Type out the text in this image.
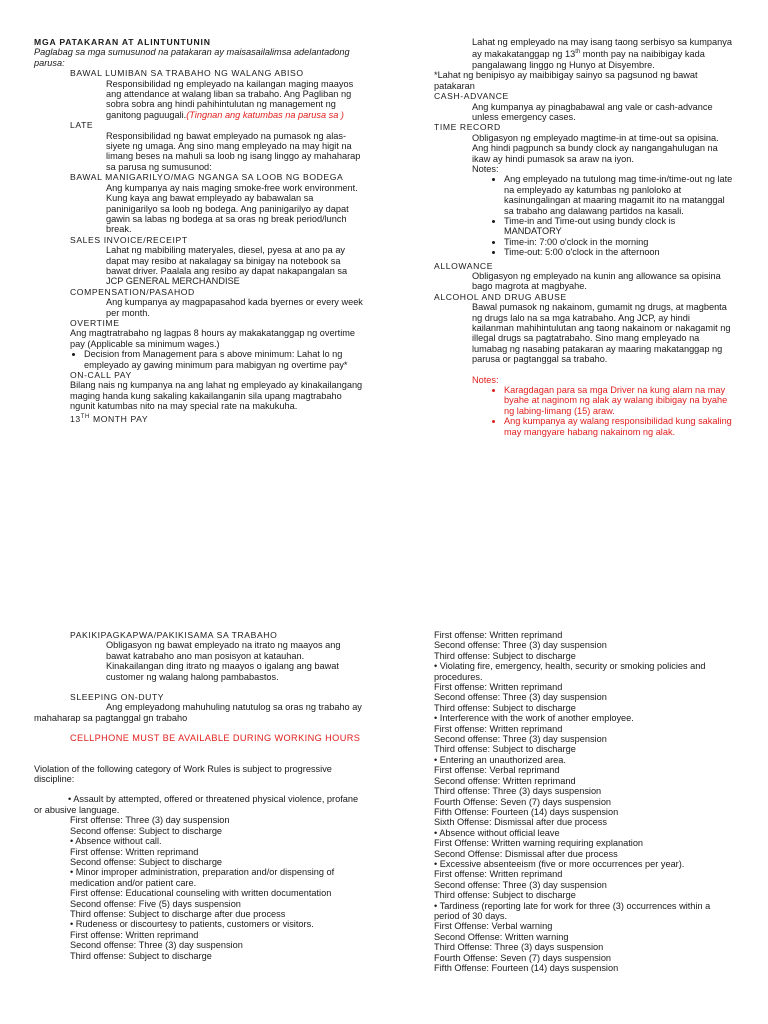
MGA PATAKARAN AT ALINTUNTUNIN

Paglabag sa mga sumusunod na patakaran ay maisasailalimsa adelantadong parusa:

BAWAL LUMIBAN SA TRABAHO NG WALANG ABISO

Responsibilidad ng empleyado na kailangan maging maayos ang attendance at walang liban sa trabaho. Ang Pagliban ng sobra sobra ang hindi pahihintulutan ng management ng ganitong paguugali.(Tingnan ang katumbas na parusa sa )

LATE

Responsibilidad ng bawat empleyado na pumasok ng alas-siyete ng umaga. Ang sino mang empleyado na may higit na limang beses na mahuli sa loob ng isang linggo ay mahaharap sa parusa ng sumusunod:

BAWAL MANIGARILYO/MAG NGANGA SA LOOB NG BODEGA

Ang kumpanya ay nais maging smoke-free work environment. Kung kaya ang bawat empleyado ay babawalan sa paninigarilyo sa loob ng bodega. Ang paninigarilyo ay dapat gawin sa labas ng bodega at sa oras ng break period/lunch break.

SALES INVOICE/RECEIPT

Lahat ng mabibiling materyales, diesel, pyesa at ano pa ay dapat may resibo at nakalagay sa binigay na notebook sa bawat driver. Paalala ang resibo ay dapat nakapangalan sa JCP GENERAL MERCHANDISE

COMPENSATION/PASAHOD

Ang kumpanya ay magpapasahod kada byernes or every week per month.

OVERTIME

Ang magtratrabaho ng lagpas 8 hours ay makakatanggap ng overtime pay (Applicable sa minimum wages.)

• Decision from Management para s above minimum: Lahat lo ng empleyado ay gawing minimum para mabigyan ng overtime pay*

ON-CALL PAY

Bilang nais ng kumpanya na ang lahat ng empleyado ay kinakailangang maging handa kung sakaling kakailanganin sila upang magtrabaho ngunit katumbas nito na may special rate na makukuha.

13TH MONTH PAY

Lahat ng empleyado na may isang taong serbisyo sa kumpanya ay makakatanggap ng 13th month pay na naibibigay kada pangalawang linggo ng Hunyo at Disyembre.

*Lahat ng benipisyo ay maibibigay sainyo sa pagsunod ng bawat patakaran

CASH-ADVANCE

Ang kumpanya ay pinagbabawal ang vale or cash-advance unless emergency cases.

TIME RECORD

Obligasyon ng empleyado magtime-in at time-out sa opisina. Ang hindi pagpunch sa bundy clock ay nangangahulugan na ikaw ay hindi pumasok sa araw na iyon.

Notes:

• Ang empleyado na tutulong mag time-in/time-out ng late na empleyado ay katumbas ng panloloko at kasinungalingan at maaring magamit ito na matanggal sa trabaho ang dalawang partidos na kasali.
• Time-in and Time-out using bundy clock is MANDATORY
• Time-in: 7:00 o'clock in the morning
• Time-out: 5:00 o'clock in the afternoon

ALLOWANCE

Obligasyon ng empleyado na kunin ang allowance sa opisina bago magrota at magbyahe.

ALCOHOL AND DRUG ABUSE

Bawal pumasok ng nakainom, gumamit ng drugs, at magbenta ng drugs lalo na sa mga katrabaho. Ang JCP, ay hindi kailanman mahihintulutan ang taong nakainom or nakagamit ng illegal drugs sa pagtatrabaho. Sino mang empleyado na lumabag ng nasabing patakaran ay maaring makatanggap ng parusa or pagtanggal sa trabaho.

Notes:

• Karagdagan para sa mga Driver na kung alam na may byahe at naginom ng alak ay walang ibibigay na byahe ng labing-limang (15) araw.
• Ang kumpanya ay walang responsibilidad kung sakaling may mangyare habang nakainom ng alak.

PAKIKIPAGKAPWA/PAKIKISAMA SA TRABAHO

Obligasyon ng bawat empleyado na itrato ng maayos ang bawat katrabaho ano man posisyon at katauhan. Kinakailangan ding itrato ng maayos o igalang ang bawat customer ng walang halong pambabastos.

SLEEPING ON-DUTY

Ang empleyadong mahuhuling natutulog sa oras ng trabaho ay mahaharap sa pagtanggal gn trabaho

CELLPHONE MUST BE AVAILABLE DURING WORKING HOURS

Violation of the following category of Work Rules is subject to progressive discipline:

• Assault by attempted, offered or threatened physical violence, profane or abusive language.

First offense: Three (3) day suspension

Second offense: Subject to discharge

• Absence without call.

First offense: Written reprimand

Second offense: Subject to discharge

• Minor improper administration, preparation and/or dispensing of medication and/or patient care.

First offense: Educational counseling with written documentation

Second offense: Five (5) days suspension

Third offense: Subject to discharge after due process

• Rudeness or discourtesy to patients, customers or visitors.

First offense: Written reprimand

Second offense: Three (3) day suspension

Third offense: Subject to discharge

First offense: Written reprimand

Second offense: Three (3) day suspension

Third offense: Subject to discharge

• Violating fire, emergency, health, security or smoking policies and procedures.

First offense: Written reprimand

Second offense: Three (3) day suspension

Third offense: Subject to discharge

• Interference with the work of another employee.

First offense: Written reprimand

Second offense: Three (3) day suspension

Third offense: Subject to discharge

• Entering an unauthorized area.

First offense: Verbal reprimand

Second offense: Written reprimand

Third offense: Three (3) days suspension

Fourth Offense: Seven (7) days suspension

Fifth Offense: Fourteen (14) days suspension

Sixth Offense: Dismissal after due process

• Absence without official leave

First Offense: Written warning requiring explanation

Second Offense: Dismissal after due process

• Excessive absenteeism (five or more occurrences per year).

First offense: Written reprimand

Second offense: Three (3) day suspension

Third offense: Subject to discharge

• Tardiness (reporting late for work for three (3) occurrences within a period of 30 days.

First Offense: Verbal warning

Second Offense: Written warning

Third Offense: Three (3) days suspension

Fourth Offense: Seven (7) days suspension

Fifth Offense: Fourteen (14) days suspension
